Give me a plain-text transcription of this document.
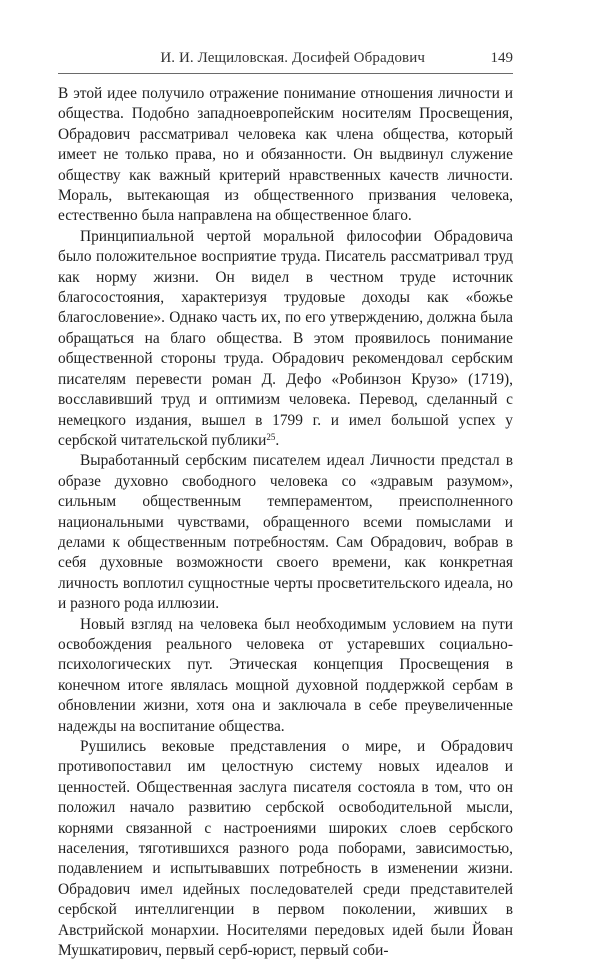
И. И. Лещиловская. Досифей Обрадович	149

В этой идее получило отражение понимание отношения личности и общества. Подобно западноевропейским носителям Просвещения, Обрадович рассматривал человека как члена общества, который имеет не только права, но и обязанности. Он выдвинул служение обществу как важный критерий нравственных качеств личности. Мораль, вытекающая из общественного призвания человека, естественно была направлена на общественное благо.

Принципиальной чертой моральной философии Обрадовича было положительное восприятие труда. Писатель рассматривал труд как норму жизни. Он видел в честном труде источник благосостояния, характеризуя трудовые доходы как «божье благословение». Однако часть их, по его утверждению, должна была обращаться на благо общества. В этом проявилось понимание общественной стороны труда. Обрадович рекомендовал сербским писателям перевести роман Д. Дефо «Робинзон Крузо» (1719), восславивший труд и оптимизм человека. Перевод, сделанный с немецкого издания, вышел в 1799 г. и имел большой успех у сербской читательской публики$^{25}$.

Выработанный сербским писателем идеал Личности предстал в образе духовно свободного человека со «здравым разумом», сильным общественным темпераментом, преисполненного национальными чувствами, обращенного всеми помыслами и делами к общественным потребностям. Сам Обрадович, вобрав в себя духовные возможности своего времени, как конкретная личность воплотил сущностные черты просветительского идеала, но и разного рода иллюзии.

Новый взгляд на человека был необходимым условием на пути освобождения реального человека от устаревших социально-психологических пут. Этическая концепция Просвещения в конечном итоге являлась мощной духовной поддержкой сербам в обновлении жизни, хотя она и заключала в себе преувеличенные надежды на воспитание общества.

Рушились вековые представления о мире, и Обрадович противопоставил им целостную систему новых идеалов и ценностей. Общественная заслуга писателя состояла в том, что он положил начало развитию сербской освободительной мысли, корнями связанной с настроениями широких слоев сербского населения, тяготившихся разного рода поборами, зависимостью, подавлением и испытывавших потребность в изменении жизни. Обрадович имел идейных последователей среди представителей сербской интеллигенции в первом поколении, живших в Австрийской монархии. Носителями передовых идей были Йован Мушкатирович, первый серб-юрист, первый соби-
